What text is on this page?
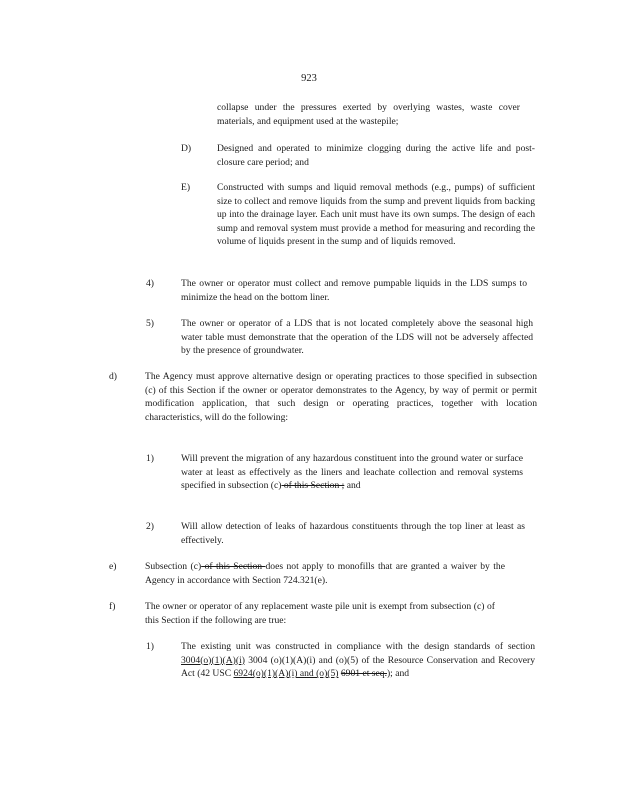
923
collapse under the pressures exerted by overlying wastes, waste cover materials, and equipment used at the wastepile;
D)	Designed and operated to minimize clogging during the active life and post-closure care period; and
E)	Constructed with sumps and liquid removal methods (e.g., pumps) of sufficient size to collect and remove liquids from the sump and prevent liquids from backing up into the drainage layer. Each unit must have its own sumps. The design of each sump and removal system must provide a method for measuring and recording the volume of liquids present in the sump and of liquids removed.
4)	The owner or operator must collect and remove pumpable liquids in the LDS sumps to minimize the head on the bottom liner.
5)	The owner or operator of a LDS that is not located completely above the seasonal high water table must demonstrate that the operation of the LDS will not be adversely affected by the presence of groundwater.
d)	The Agency must approve alternative design or operating practices to those specified in subsection (c) of this Section if the owner or operator demonstrates to the Agency, by way of permit or permit modification application, that such design or operating practices, together with location characteristics, will do the following:
1)	Will prevent the migration of any hazardous constituent into the ground water or surface water at least as effectively as the liners and leachate collection and removal systems specified in subsection (c) of this Section ; and
2)	Will allow detection of leaks of hazardous constituents through the top liner at least as effectively.
e)	Subsection (c) of this Section does not apply to monofills that are granted a waiver by the Agency in accordance with Section 724.321(e).
f)	The owner or operator of any replacement waste pile unit is exempt from subsection (c) of this Section if the following are true:
1)	The existing unit was constructed in compliance with the design standards of section 3004(o)(1)(A)(i) 3004 (o)(1)(A)(i) and (o)(5) of the Resource Conservation and Recovery Act (42 USC 6924(o)(1)(A)(i) and (o)(5) 6901 et seq.); and
